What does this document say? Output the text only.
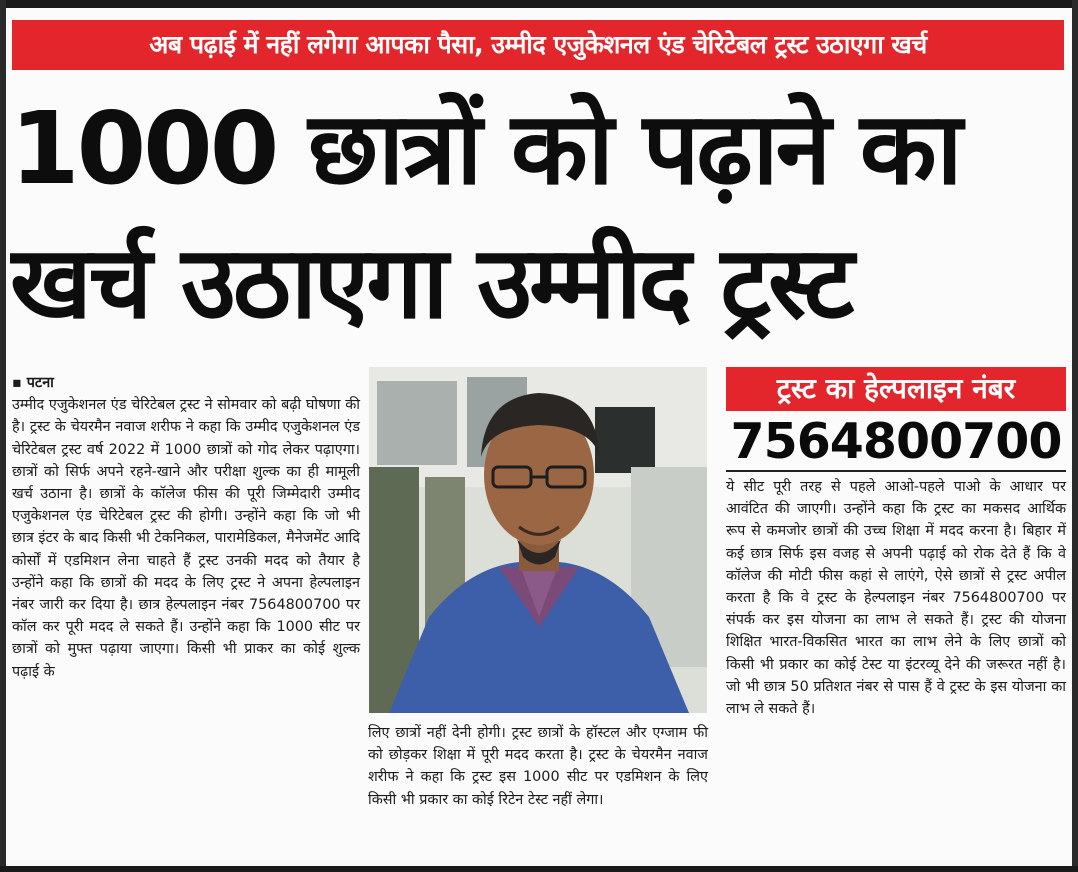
अब पढ़ाई में नहीं लगेगा आपका पैसा, उम्मीद एजुकेशनल एंड चेरिटेबल ट्रस्ट उठाएगा खर्च
1000 छात्रों को पढ़ाने का
खर्च उठाएगा उम्मीद ट्रस्ट
▪ पटना
उम्मीद एजुकेशनल एंड चेरिटेबल ट्रस्ट ने सोमवार को बढ़ी घोषणा की है। ट्रस्ट के चेयरमैन नवाज शरीफ ने कहा कि उम्मीद एजुकेशनल एंड चेरिटेबल ट्रस्ट वर्ष 2022 में 1000 छात्रों को गोद लेकर पढ़ाएगा। छात्रों को सिर्फ अपने रहने-खाने और परीक्षा शुल्क का ही मामूली खर्च उठाना है। छात्रों के कॉलेज फीस की पूरी जिम्मेदारी उम्मीद एजुकेशनल एंड चेरिटेबल ट्रस्ट की होगी। उन्होंने कहा कि जो भी छात्र इंटर के बाद किसी भी टेकनिकल, पारामेडिकल, मैनेजमेंट आदि कोर्सों में एडमिशन लेना चाहते हैं ट्रस्ट उनकी मदद को तैयार है उन्होंने कहा कि छात्रों की मदद के लिए ट्रस्ट ने अपना हेल्पलाइन नंबर जारी कर दिया है। छात्र हेल्पलाइन नंबर 7564800700 पर कॉल कर पूरी मदद ले सकते हैं। उन्होंने कहा कि 1000 सीट पर छात्रों को मुफ्त पढ़ाया जाएगा। किसी भी प्राकर का कोई शुल्क पढ़ाई के
लिए छात्रों नहीं देनी होगी। ट्रस्ट छात्रों के हॉस्टल और एग्जाम फी को छोड़कर शिक्षा में पूरी मदद करता है। ट्रस्ट के चेयरमैन नवाज शरीफ ने कहा कि ट्रस्ट इस 1000 सीट पर एडमिशन के लिए किसी भी प्रकार का कोई रिटेन टेस्ट नहीं लेगा।
ट्रस्ट का हेल्पलाइन नंबर
7564800700
ये सीट पूरी तरह से पहले आओ-पहले पाओ के आधार पर आवंटित की जाएगी। उन्होंने कहा कि ट्रस्ट का मकसद आर्थिक रूप से कमजोर छात्रों की उच्च शिक्षा में मदद करना है। बिहार में कई छात्र सिर्फ इस वजह से अपनी पढ़ाई को रोक देते हैं कि वे कॉलेज की मोटी फीस कहां से लाएंगे, ऐसे छात्रों से ट्रस्ट अपील करता है कि वे ट्रस्ट के हेल्पलाइन नंबर 7564800700 पर संपर्क कर इस योजना का लाभ ले सकते हैं। ट्रस्ट की योजना शिक्षित भारत-विकसित भारत का लाभ लेने के लिए छात्रों को किसी भी प्रकार का कोई टेस्ट या इंटरव्यू देने की जरूरत नहीं है। जो भी छात्र 50 प्रतिशत नंबर से पास हैं वे ट्रस्ट के इस योजना का लाभ ले सकते हैं।
